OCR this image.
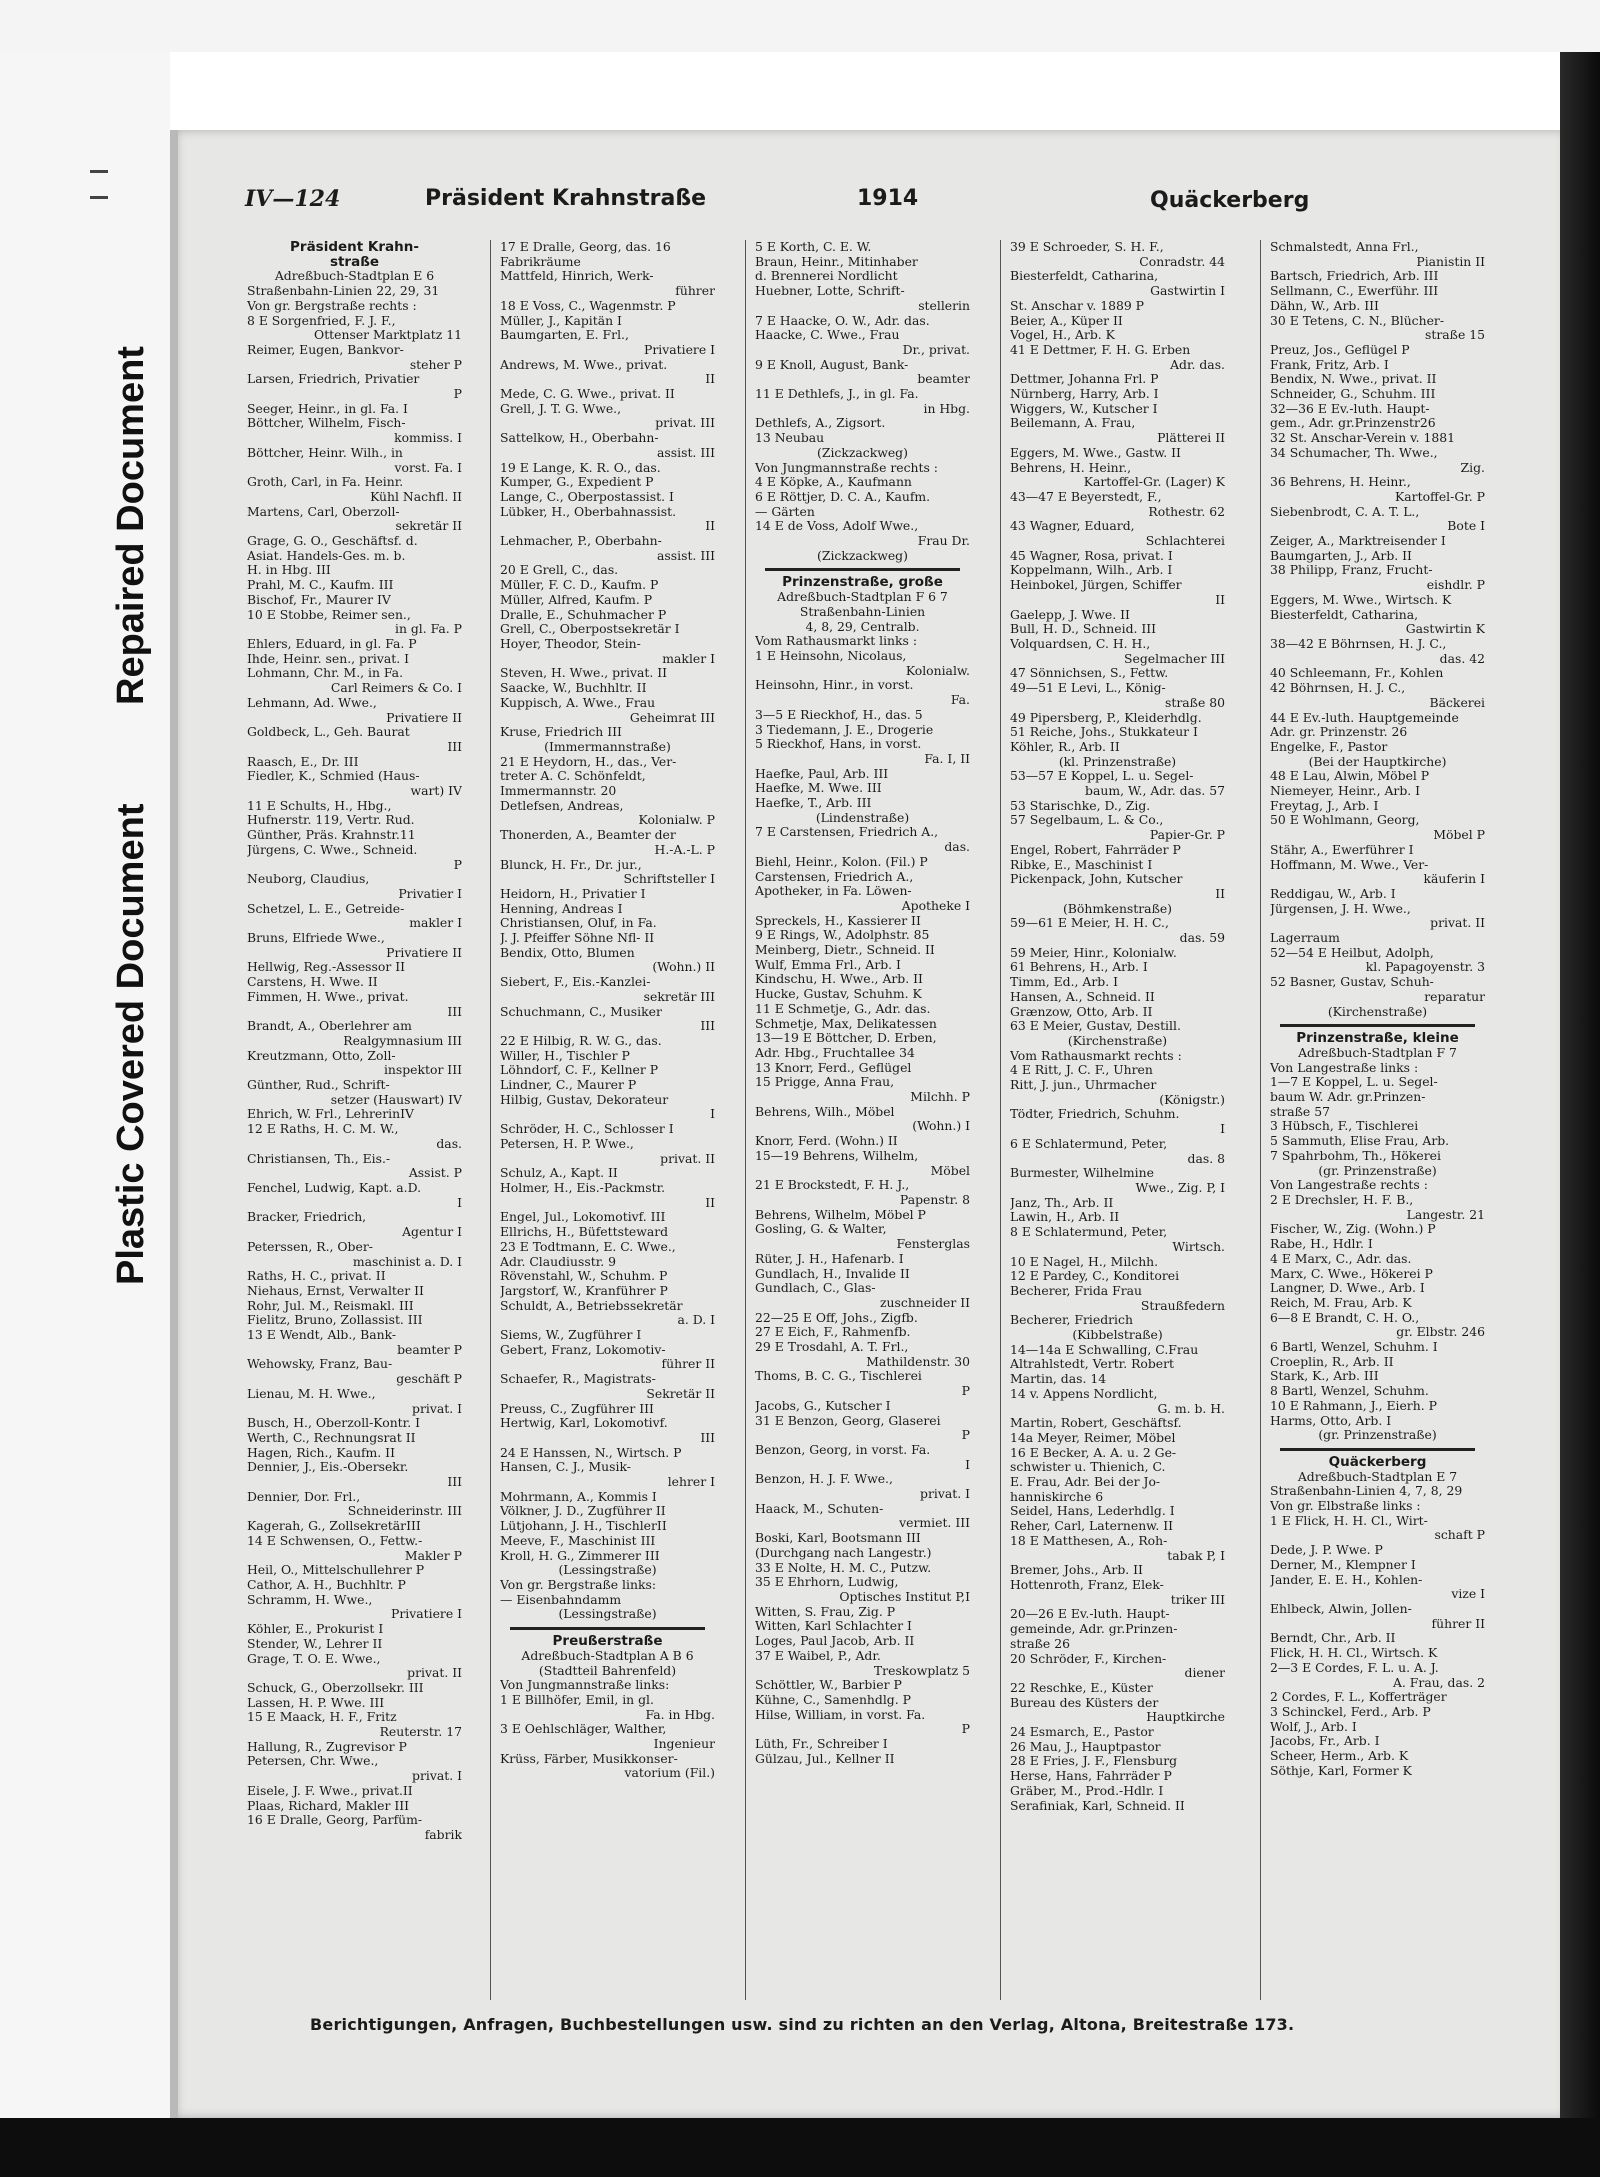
Plastic Covered Document
Repaired Document
IV—124	Präsident Krahnstraße	1914	Quäckerberg
Präsident Krahn-
straße
Adreßbuch-Stadtplan E 6
Straßenbahn-Linien 22, 29, 31
Von gr. Bergstraße rechts :
8 E Sorgenfried, F. J. F.,
Ottenser Marktplatz 11
Reimer, Eugen, Bankvor-
steher P
Larsen, Friedrich, Privatier
P
Seeger, Heinr., in gl. Fa. I
Böttcher, Wilhelm, Fisch-
kommiss. I
Böttcher, Heinr. Wilh., in
vorst. Fa. I
Groth, Carl, in Fa. Heinr.
Kühl Nachfl. II
Martens, Carl, Oberzoll-
sekretär II
Grage, G. O., Geschäftsf. d.
Asiat. Handels-Ges. m. b.
H. in Hbg. III
Prahl, M. C., Kaufm. III
Bischof, Fr., Maurer IV
10 E Stobbe, Reimer sen.,
in gl. Fa. P
Ehlers, Eduard, in gl. Fa. P
Ihde, Heinr. sen., privat. I
Lohmann, Chr. M., in Fa.
Carl Reimers & Co. I
Lehmann, Ad. Wwe.,
Privatiere II
Goldbeck, L., Geh. Baurat
III
Raasch, E., Dr. III
Fiedler, K., Schmied (Haus-
wart) IV
11 E Schults, H., Hbg.,
Hufnerstr. 119, Vertr. Rud.
Günther, Präs. Krahnstr.11
Jürgens, C. Wwe., Schneid.
P
Neuborg, Claudius,
Privatier I
Schetzel, L. E., Getreide-
makler I
Bruns, Elfriede Wwe.,
Privatiere II
Hellwig, Reg.-Assessor II
Carstens, H. Wwe. II
Fimmen, H. Wwe., privat.
III
Brandt, A., Oberlehrer am
Realgymnasium III
Kreutzmann, Otto, Zoll-
inspektor III
Günther, Rud., Schrift-
setzer (Hauswart) IV
Ehrich, W. Frl., LehrerinIV
12 E Raths, H. C. M. W.,
das.
Christiansen, Th., Eis.-
Assist. P
Fenchel, Ludwig, Kapt. a.D.
I
Bracker, Friedrich,
Agentur I
Peterssen, R., Ober-
maschinist a. D. I
Raths, H. C., privat. II
Niehaus, Ernst, Verwalter II
Rohr, Jul. M., Reismakl. III
Fielitz, Bruno, Zollassist. III
13 E Wendt, Alb., Bank-
beamter P
Wehowsky, Franz, Bau-
geschäft P
Lienau, M. H. Wwe.,
privat. I
Busch, H., Oberzoll-Kontr. I
Werth, C., Rechnungsrat II
Hagen, Rich., Kaufm. II
Dennier, J., Eis.-Obersekr.
III
Dennier, Dor. Frl.,
Schneiderinstr. III
Kagerah, G., ZollsekretärIII
14 E Schwensen, O., Fettw.-
Makler P
Heil, O., Mittelschullehrer P
Cathor, A. H., Buchhltr. P
Schramm, H. Wwe.,
Privatiere I
Köhler, E., Prokurist I
Stender, W., Lehrer II
Grage, T. O. E. Wwe.,
privat. II
Schuck, G., Oberzollsekr. III
Lassen, H. P. Wwe. III
15 E Maack, H. F., Fritz
Reuterstr. 17
Hallung, R., Zugrevisor P
Petersen, Chr. Wwe.,
privat. I
Eisele, J. F. Wwe., privat.II
Plaas, Richard, Makler III
16 E Dralle, Georg, Parfüm-
fabrik
17 E Dralle, Georg, das. 16
Fabrikräume
Mattfeld, Hinrich, Werk-
führer
18 E Voss, C., Wagenmstr. P
Müller, J., Kapitän I
Baumgarten, E. Frl.,
Privatiere I
Andrews, M. Wwe., privat.
II
Mede, C. G. Wwe., privat. II
Grell, J. T. G. Wwe.,
privat. III
Sattelkow, H., Oberbahn-
assist. III
19 E Lange, K. R. O., das.
Kumper, G., Expedient P
Lange, C., Oberpostassist. I
Lübker, H., Oberbahnassist.
II
Lehmacher, P., Oberbahn-
assist. III
20 E Grell, C., das.
Müller, F. C. D., Kaufm. P
Müller, Alfred, Kaufm. P
Dralle, E., Schuhmacher P
Grell, C., Oberpostsekretär I
Hoyer, Theodor, Stein-
makler I
Steven, H. Wwe., privat. II
Saacke, W., Buchhltr. II
Kuppisch, A. Wwe., Frau
Geheimrat III
Kruse, Friedrich III
(Immermannstraße)
21 E Heydorn, H., das., Ver-
treter A. C. Schönfeldt,
Immermannstr. 20
Detlefsen, Andreas,
Kolonialw. P
Thonerden, A., Beamter der
H.-A.-L. P
Blunck, H. Fr., Dr. jur.,
Schriftsteller I
Heidorn, H., Privatier I
Henning, Andreas I
Christiansen, Oluf, in Fa.
J. J. Pfeiffer Söhne Nfl- II
Bendix, Otto, Blumen
(Wohn.) II
Siebert, F., Eis.-Kanzlei-
sekretär III
Schuchmann, C., Musiker
III
22 E Hilbig, R. W. G., das.
Willer, H., Tischler P
Löhndorf, C. F., Kellner P
Lindner, C., Maurer P
Hilbig, Gustav, Dekorateur
I
Schröder, H. C., Schlosser I
Petersen, H. P. Wwe.,
privat. II
Schulz, A., Kapt. II
Holmer, H., Eis.-Packmstr.
II
Engel, Jul., Lokomotivf. III
Ellrichs, H., Büfettsteward
23 E Todtmann, E. C. Wwe.,
Adr. Claudiusstr. 9
Rövenstahl, W., Schuhm. P
Jargstorf, W., Kranführer P
Schuldt, A., Betriebssekretär
a. D. I
Siems, W., Zugführer I
Gebert, Franz, Lokomotiv-
führer II
Schaefer, R., Magistrats-
Sekretär II
Preuss, C., Zugführer III
Hertwig, Karl, Lokomotivf.
III
24 E Hanssen, N., Wirtsch. P
Hansen, C. J., Musik-
lehrer I
Mohrmann, A., Kommis I
Völkner, J. D., Zugführer II
Lütjohann, J. H., TischlerII
Meeve, F., Maschinist III
Kroll, H. G., Zimmerer III
(Lessingstraße)
Von gr. Bergstraße links:
— Eisenbahndamm
(Lessingstraße)
Preußerstraße
Adreßbuch-Stadtplan A B 6
(Stadtteil Bahrenfeld)
Von Jungmannstraße links:
1 E Billhöfer, Emil, in gl.
Fa. in Hbg.
3 E Oehlschläger, Walther,
Ingenieur
Krüss, Färber, Musikkonser-
vatorium (Fil.)
5 E Korth, C. E. W.
Braun, Heinr., Mitinhaber
d. Brennerei Nordlicht
Huebner, Lotte, Schrift-
stellerin
7 E Haacke, O. W., Adr. das.
Haacke, C. Wwe., Frau
Dr., privat.
9 E Knoll, August, Bank-
beamter
11 E Dethlefs, J., in gl. Fa.
in Hbg.
Dethlefs, A., Zigsort.
13 Neubau
(Zickzackweg)
Von Jungmannstraße rechts :
4 E Köpke, A., Kaufmann
6 E Röttjer, D. C. A., Kaufm.
— Gärten
14 E de Voss, Adolf Wwe.,
Frau Dr.
(Zickzackweg)
Prinzenstraße, große
Adreßbuch-Stadtplan F 6 7
Straßenbahn-Linien
4, 8, 29, Centralb.
Vom Rathausmarkt links :
1 E Heinsohn, Nicolaus,
Kolonialw.
Heinsohn, Hinr., in vorst.
Fa.
3—5 E Rieckhof, H., das. 5
3 Tiedemann, J. E., Drogerie
5 Rieckhof, Hans, in vorst.
Fa. I, II
Haefke, Paul, Arb. III
Haefke, M. Wwe. III
Haefke, T., Arb. III
(Lindenstraße)
7 E Carstensen, Friedrich A.,
das.
Biehl, Heinr., Kolon. (Fil.) P
Carstensen, Friedrich A.,
Apotheker, in Fa. Löwen-
Apotheke I
Spreckels, H., Kassierer II
9 E Rings, W., Adolphstr. 85
Meinberg, Dietr., Schneid. II
Wulf, Emma Frl., Arb. I
Kindschu, H. Wwe., Arb. II
Hucke, Gustav, Schuhm. K
11 E Schmetje, G., Adr. das.
Schmetje, Max, Delikatessen
13—19 E Böttcher, D. Erben,
Adr. Hbg., Fruchtallee 34
13 Knorr, Ferd., Geflügel
15 Prigge, Anna Frau,
Milchh. P
Behrens, Wilh., Möbel
(Wohn.) I
Knorr, Ferd. (Wohn.) II
15—19 Behrens, Wilhelm,
Möbel
21 E Brockstedt, F. H. J.,
Papenstr. 8
Behrens, Wilhelm, Möbel P
Gosling, G. & Walter,
Fensterglas
Rüter, J. H., Hafenarb. I
Gundlach, H., Invalide II
Gundlach, C., Glas-
zuschneider II
22—25 E Off, Johs., Zigfb.
27 E Eich, F., Rahmenfb.
29 E Trosdahl, A. T. Frl.,
Mathildenstr. 30
Thoms, B. C. G., Tischlerei
P
Jacobs, G., Kutscher I
31 E Benzon, Georg, Glaserei
P
Benzon, Georg, in vorst. Fa.
I
Benzon, H. J. F. Wwe.,
privat. I
Haack, M., Schuten-
vermiet. III
Boski, Karl, Bootsmann III
(Durchgang nach Langestr.)
33 E Nolte, H. M. C., Putzw.
35 E Ehrhorn, Ludwig,
Optisches Institut P,I
Witten, S. Frau, Zig. P
Witten, Karl Schlachter I
Loges, Paul Jacob, Arb. II
37 E Waibel, P., Adr.
Treskowplatz 5
Schöttler, W., Barbier P
Kühne, C., Samenhdlg. P
Hilse, William, in vorst. Fa.
P
Lüth, Fr., Schreiber I
Gülzau, Jul., Kellner II
39 E Schroeder, S. H. F.,
Conradstr. 44
Biesterfeldt, Catharina,
Gastwirtin I
St. Anschar v. 1889 P
Beier, A., Küper II
Vogel, H., Arb. K
41 E Dettmer, F. H. G. Erben
Adr. das.
Dettmer, Johanna Frl. P
Nürnberg, Harry, Arb. I
Wiggers, W., Kutscher I
Beilemann, A. Frau,
Plätterei II
Eggers, M. Wwe., Gastw. II
Behrens, H. Heinr.,
Kartoffel-Gr. (Lager) K
43—47 E Beyerstedt, F.,
Rothestr. 62
43 Wagner, Eduard,
Schlachterei
45 Wagner, Rosa, privat. I
Koppelmann, Wilh., Arb. I
Heinbokel, Jürgen, Schiffer
II
Gaelepp, J. Wwe. II
Bull, H. D., Schneid. III
Volquardsen, C. H. H.,
Segelmacher III
47 Sönnichsen, S., Fettw.
49—51 E Levi, L., König-
straße 80
49 Pipersberg, P., Kleiderhdlg.
51 Reiche, Johs., Stukkateur I
Köhler, R., Arb. II
(kl. Prinzenstraße)
53—57 E Koppel, L. u. Segel-
baum, W., Adr. das. 57
53 Starischke, D., Zig.
57 Segelbaum, L. & Co.,
Papier-Gr. P
Engel, Robert, Fahrräder P
Ribke, E., Maschinist I
Pickenpack, John, Kutscher
II
(Böhmkenstraße)
59—61 E Meier, H. H. C.,
das. 59
59 Meier, Hinr., Kolonialw.
61 Behrens, H., Arb. I
Timm, Ed., Arb. I
Hansen, A., Schneid. II
Grænzow, Otto, Arb. II
63 E Meier, Gustav, Destill.
(Kirchenstraße)
Vom Rathausmarkt rechts :
4 E Ritt, J. C. F., Uhren
Ritt, J. jun., Uhrmacher
(Königstr.)
Tödter, Friedrich, Schuhm.
I
6 E Schlatermund, Peter,
das. 8
Burmester, Wilhelmine
Wwe., Zig. P, I
Janz, Th., Arb. II
Lawin, H., Arb. II
8 E Schlatermund, Peter,
Wirtsch.
10 E Nagel, H., Milchh.
12 E Pardey, C., Konditorei
Becherer, Frida Frau
Straußfedern
Becherer, Friedrich
(Kibbelstraße)
14—14a E Schwalling, C.Frau
Altrahlstedt, Vertr. Robert
Martin, das. 14
14 v. Appens Nordlicht,
G. m. b. H.
Martin, Robert, Geschäftsf.
14a Meyer, Reimer, Möbel
16 E Becker, A. A. u. 2 Ge-
schwister u. Thienich, C.
E. Frau, Adr. Bei der Jo-
hanniskirche 6
Seidel, Hans, Lederhdlg. I
Reher, Carl, Laternenw. II
18 E Matthesen, A., Roh-
tabak P, I
Bremer, Johs., Arb. II
Hottenroth, Franz, Elek-
triker III
20—26 E Ev.-luth. Haupt-
gemeinde, Adr. gr.Prinzen-
straße 26
20 Schröder, F., Kirchen-
diener
22 Reschke, E., Küster
Bureau des Küsters der
Hauptkirche
24 Esmarch, E., Pastor
26 Mau, J., Hauptpastor
28 E Fries, J. F., Flensburg
Herse, Hans, Fahrräder P
Gräber, M., Prod.-Hdlr. I
Serafiniak, Karl, Schneid. II
Schmalstedt, Anna Frl.,
Pianistin II
Bartsch, Friedrich, Arb. III
Sellmann, C., Ewerführ. III
Dähn, W., Arb. III
30 E Tetens, C. N., Blücher-
straße 15
Preuz, Jos., Geflügel P
Frank, Fritz, Arb. I
Bendix, N. Wwe., privat. II
Schneider, G., Schuhm. III
32—36 E Ev.-luth. Haupt-
gem., Adr. gr.Prinzenstr26
32 St. Anschar-Verein v. 1881
34 Schumacher, Th. Wwe.,
Zig.
36 Behrens, H. Heinr.,
Kartoffel-Gr. P
Siebenbrodt, C. A. T. L.,
Bote I
Zeiger, A., Marktreisender I
Baumgarten, J., Arb. II
38 Philipp, Franz, Frucht-
eishdlr. P
Eggers, M. Wwe., Wirtsch. K
Biesterfeldt, Catharina,
Gastwirtin K
38—42 E Böhrnsen, H. J. C.,
das. 42
40 Schleemann, Fr., Kohlen
42 Böhrnsen, H. J. C.,
Bäckerei
44 E Ev.-luth. Hauptgemeinde
Adr. gr. Prinzenstr. 26
Engelke, F., Pastor
(Bei der Hauptkirche)
48 E Lau, Alwin, Möbel P
Niemeyer, Heinr., Arb. I
Freytag, J., Arb. I
50 E Wohlmann, Georg,
Möbel P
Stähr, A., Ewerführer I
Hoffmann, M. Wwe., Ver-
käuferin I
Reddigau, W., Arb. I
Jürgensen, J. H. Wwe.,
privat. II
Lagerraum
52—54 E Heilbut, Adolph,
kl. Papagoyenstr. 3
52 Basner, Gustav, Schuh-
reparatur
(Kirchenstraße)
Prinzenstraße, kleine
Adreßbuch-Stadtplan F 7
Von Langestraße links :
1—7 E Koppel, L. u. Segel-
baum W. Adr. gr.Prinzen-
straße 57
3 Hübsch, F., Tischlerei
5 Sammuth, Elise Frau, Arb.
7 Spahrbohm, Th., Hökerei
(gr. Prinzenstraße)
Von Langestraße rechts :
2 E Drechsler, H. F. B.,
Langestr. 21
Fischer, W., Zig. (Wohn.) P
Rabe, H., Hdlr. I
4 E Marx, C., Adr. das.
Marx, C. Wwe., Hökerei P
Langner, D. Wwe., Arb. I
Reich, M. Frau, Arb. K
6—8 E Brandt, C. H. O.,
gr. Elbstr. 246
6 Bartl, Wenzel, Schuhm. I
Croeplin, R., Arb. II
Stark, K., Arb. III
8 Bartl, Wenzel, Schuhm.
10 E Rahmann, J., Eierh. P
Harms, Otto, Arb. I
(gr. Prinzenstraße)
Quäckerberg
Adreßbuch-Stadtplan E 7
Straßenbahn-Linien 4, 7, 8, 29
Von gr. Elbstraße links :
1 E Flick, H. H. Cl., Wirt-
schaft P
Dede, J. P. Wwe. P
Derner, M., Klempner I
Jander, E. E. H., Kohlen-
vize I
Ehlbeck, Alwin, Jollen-
führer II
Berndt, Chr., Arb. II
Flick, H. H. Cl., Wirtsch. K
2—3 E Cordes, F. L. u. A. J.
A. Frau, das. 2
2 Cordes, F. L., Kofferträger
3 Schinckel, Ferd., Arb. P
Wolf, J., Arb. I
Jacobs, Fr., Arb. I
Scheer, Herm., Arb. K
Söthje, Karl, Former K
Berichtigungen, Anfragen, Buchbestellungen usw. sind zu richten an den Verlag, Altona, Breitestraße 173.
